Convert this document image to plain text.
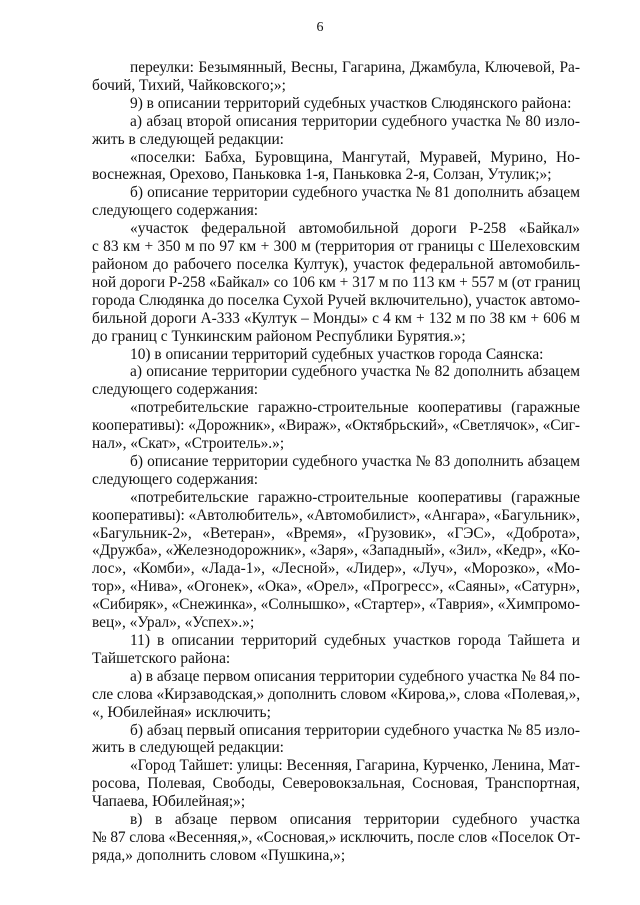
6
переулки: Безымянный, Весны, Гагарина, Джамбула, Ключевой, Ра-
бочий, Тихий, Чайковского;»;
9) в описании территорий судебных участков Слюдянского района:
а) абзац второй описания территории судебного участка № 80 изло-
жить в следующей редакции:
«поселки: Бабха, Буровщина, Мангутай, Муравей, Мурино, Но-
воснежная, Орехово, Паньковка 1-я, Паньковка 2-я, Солзан, Утулик;»;
б) описание территории судебного участка № 81 дополнить абзацем
следующего содержания:
«участок федеральной автомобильной дороги Р-258 «Байкал»
с 83 км + 350 м по 97 км + 300 м (территория от границы с Шелеховским
районом до рабочего поселка Култук), участок федеральной автомобиль-
ной дороги Р-258 «Байкал» со 106 км + 317 м по 113 км + 557 м (от границ
города Слюдянка до поселка Сухой Ручей включительно), участок автомо-
бильной дороги А-333 «Култук – Монды» с 4 км + 132 м по 38 км + 606 м
до границ с Тункинским районом Республики Бурятия.»;
10) в описании территорий судебных участков города Саянска:
а) описание территории судебного участка № 82 дополнить абзацем
следующего содержания:
«потребительские гаражно-строительные кооперативы (гаражные
кооперативы): «Дорожник», «Вираж», «Октябрьский», «Светлячок», «Сиг-
нал», «Скат», «Строитель».»;
б) описание территории судебного участка № 83 дополнить абзацем
следующего содержания:
«потребительские гаражно-строительные кооперативы (гаражные
кооперативы): «Автолюбитель», «Автомобилист», «Ангара», «Багульник»,
«Багульник-2», «Ветеран», «Время», «Грузовик», «ГЭС», «Доброта»,
«Дружба», «Железнодорожник», «Заря», «Западный», «Зил», «Кедр», «Ко-
лос», «Комби», «Лада-1», «Лесной», «Лидер», «Луч», «Морозко», «Мо-
тор», «Нива», «Огонек», «Ока», «Орел», «Прогресс», «Саяны», «Сатурн»,
«Сибиряк», «Снежинка», «Солнышко», «Стартер», «Таврия», «Химпромо-
вец», «Урал», «Успех».»;
11) в описании территорий судебных участков города Тайшета и
Тайшетского района:
а) в абзаце первом описания территории судебного участка № 84 по-
сле слова «Кирзаводская,» дополнить словом «Кирова,», слова «Полевая,»,
«, Юбилейная» исключить;
б) абзац первый описания территории судебного участка № 85 изло-
жить в следующей редакции:
«Город Тайшет: улицы: Весенняя, Гагарина, Курченко, Ленина, Мат-
росова, Полевая, Свободы, Северовокзальная, Сосновая, Транспортная,
Чапаева, Юбилейная;»;
в) в абзаце первом описания территории судебного участка
№ 87 слова «Весенняя,», «Сосновая,» исключить, после слов «Поселок От-
ряда,» дополнить словом «Пушкина,»;
